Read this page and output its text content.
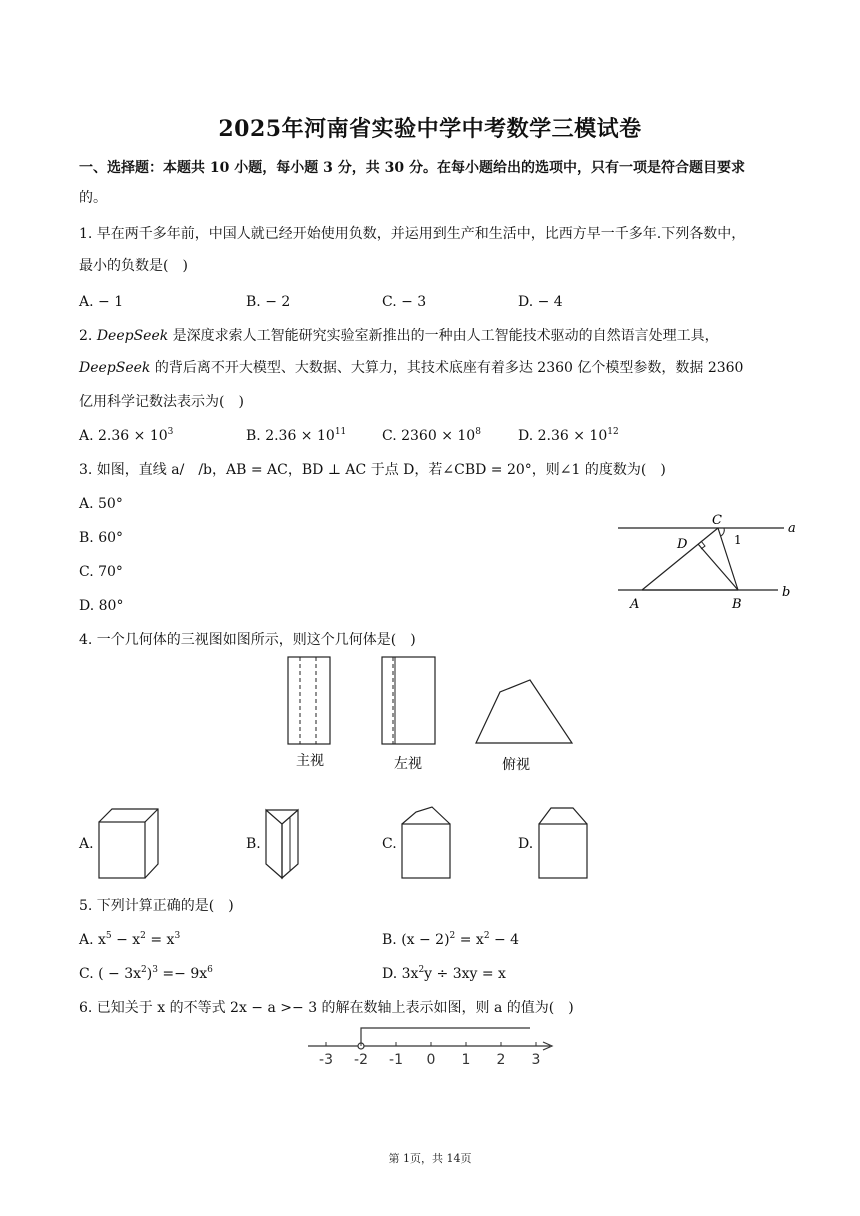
2025年河南省实验中学中考数学三模试卷
一、选择题：本题共 10 小题，每小题 3 分，共 30 分。在每小题给出的选项中，只有一项是符合题目要求
的。
1. 早在两千多年前，中国人就已经开始使用负数，并运用到生产和生活中，比西方早一千多年.下列各数中，
最小的负数是(　)
A. − 1	B. − 2	C. − 3	D. − 4
2. DeepSeek 是深度求索人工智能研究实验室新推出的一种由人工智能技术驱动的自然语言处理工具，
DeepSeek 的背后离不开大模型、大数据、大算力，其技术底座有着多达 2360 亿个模型参数，数据 2360
亿用科学记数法表示为(　)
A. $2.36 \times 10^3$	B. $2.36 \times 10^{11}$	C. $2360 \times 10^8$	D. $2.36 \times 10^{12}$
3. 如图，直线 a/　/b，AB = AC，BD ⊥ AC 于点 D，若∠CBD = 20°，则∠1 的度数为(　)
A. 50°
B. 60°
C. 70°
D. 80°
C
a
D	1
A	B
b
4. 一个几何体的三视图如图所示，则这个几何体是(　)
主视	左视	俯视
A.	B.	C.	D.
5. 下列计算正确的是(　)
A. $x^5 - x^2 = x^3$	B. $(x - 2)^2 = x^2 - 4$
C. ( − $3x^2)^3 =- 9x^6$	D. $3x^2y \div 3xy = x$
6. 已知关于 x 的不等式 2x − a >− 3 的解在数轴上表示如图，则 a 的值为(　)
-3 -2 -1 0 1 2 3
第 1页，共 14页
